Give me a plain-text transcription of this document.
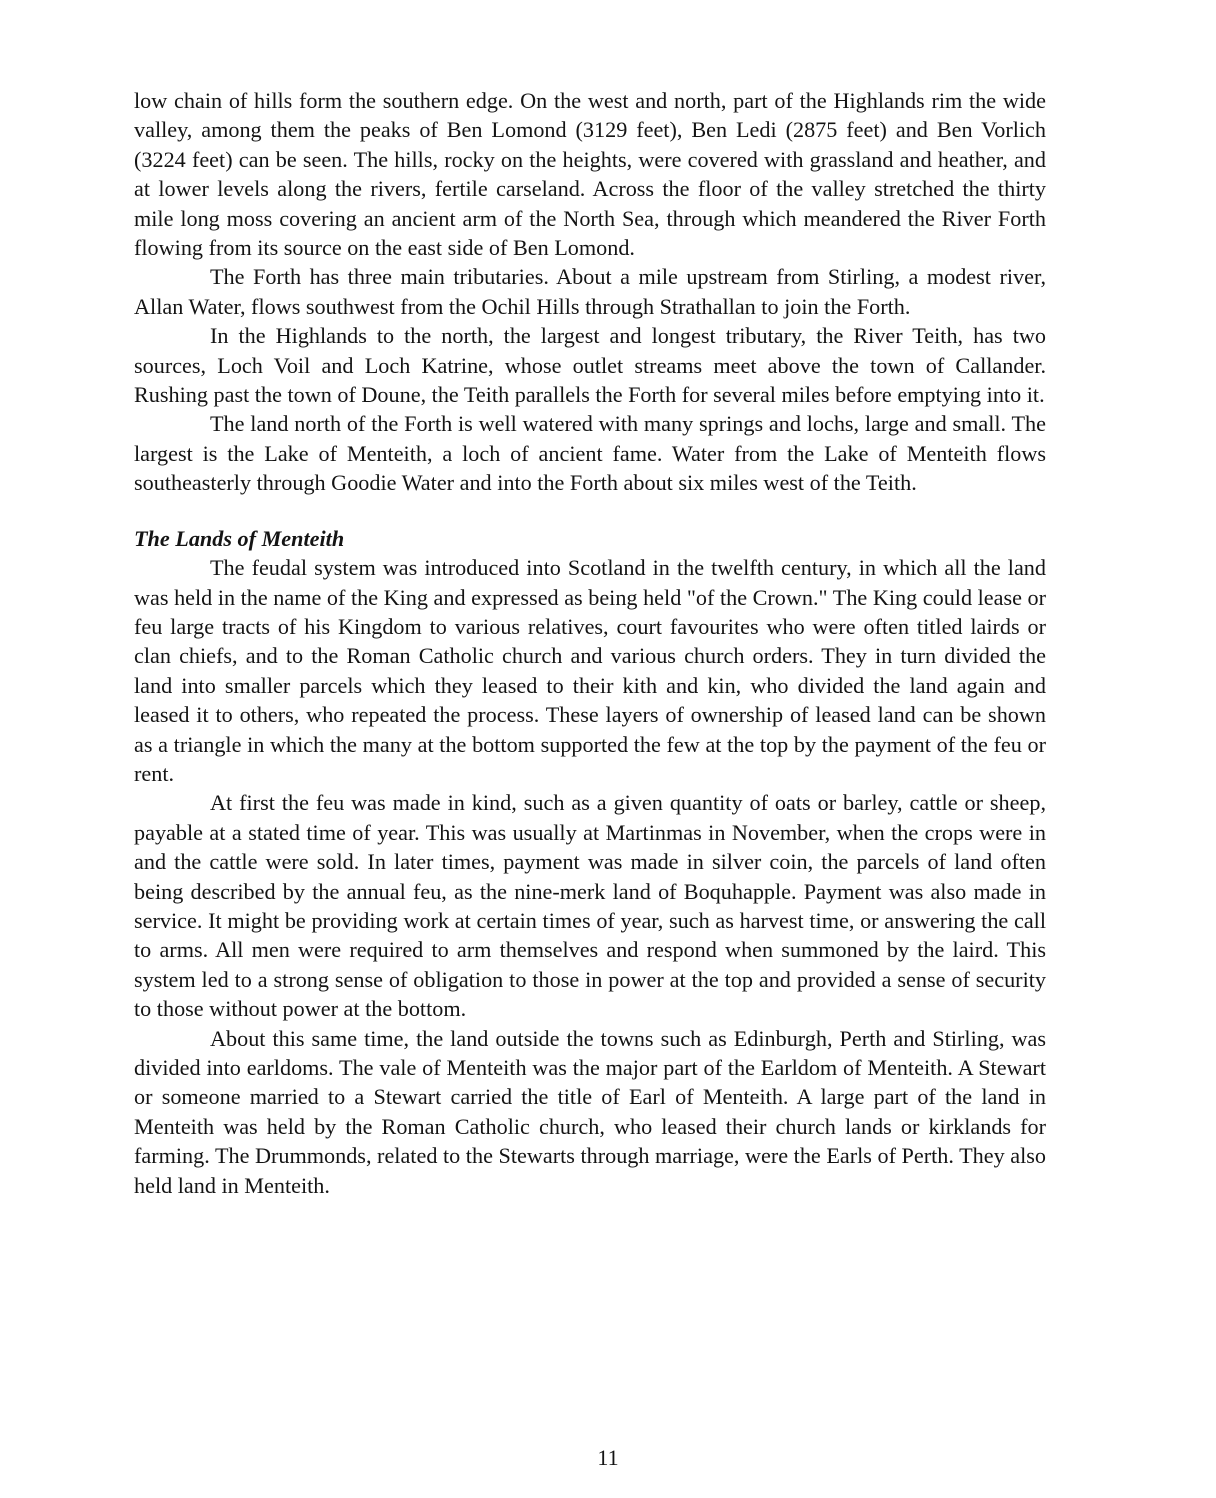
low chain of hills form the southern edge. On the west and north, part of the Highlands rim the wide valley, among them the peaks of Ben Lomond (3129 feet), Ben Ledi (2875 feet) and Ben Vorlich (3224 feet) can be seen. The hills, rocky on the heights, were covered with grassland and heather, and at lower levels along the rivers, fertile carseland. Across the floor of the valley stretched the thirty mile long moss covering an ancient arm of the North Sea, through which meandered the River Forth flowing from its source on the east side of Ben Lomond.

The Forth has three main tributaries. About a mile upstream from Stirling, a modest river, Allan Water, flows southwest from the Ochil Hills through Strathallan to join the Forth.

In the Highlands to the north, the largest and longest tributary, the River Teith, has two sources, Loch Voil and Loch Katrine, whose outlet streams meet above the town of Callander. Rushing past the town of Doune, the Teith parallels the Forth for several miles before emptying into it.

The land north of the Forth is well watered with many springs and lochs, large and small. The largest is the Lake of Menteith, a loch of ancient fame. Water from the Lake of Menteith flows southeasterly through Goodie Water and into the Forth about six miles west of the Teith.

The Lands of Menteith

The feudal system was introduced into Scotland in the twelfth century, in which all the land was held in the name of the King and expressed as being held "of the Crown." The King could lease or feu large tracts of his Kingdom to various relatives, court favourites who were often titled lairds or clan chiefs, and to the Roman Catholic church and various church orders. They in turn divided the land into smaller parcels which they leased to their kith and kin, who divided the land again and leased it to others, who repeated the process. These layers of ownership of leased land can be shown as a triangle in which the many at the bottom supported the few at the top by the payment of the feu or rent.

At first the feu was made in kind, such as a given quantity of oats or barley, cattle or sheep, payable at a stated time of year. This was usually at Martinmas in November, when the crops were in and the cattle were sold. In later times, payment was made in silver coin, the parcels of land often being described by the annual feu, as the nine-merk land of Boquhapple. Payment was also made in service. It might be providing work at certain times of year, such as harvest time, or answering the call to arms. All men were required to arm themselves and respond when summoned by the laird. This system led to a strong sense of obligation to those in power at the top and provided a sense of security to those without power at the bottom.

About this same time, the land outside the towns such as Edinburgh, Perth and Stirling, was divided into earldoms. The vale of Menteith was the major part of the Earldom of Menteith. A Stewart or someone married to a Stewart carried the title of Earl of Menteith. A large part of the land in Menteith was held by the Roman Catholic church, who leased their church lands or kirklands for farming. The Drummonds, related to the Stewarts through marriage, were the Earls of Perth. They also held land in Menteith.

11
